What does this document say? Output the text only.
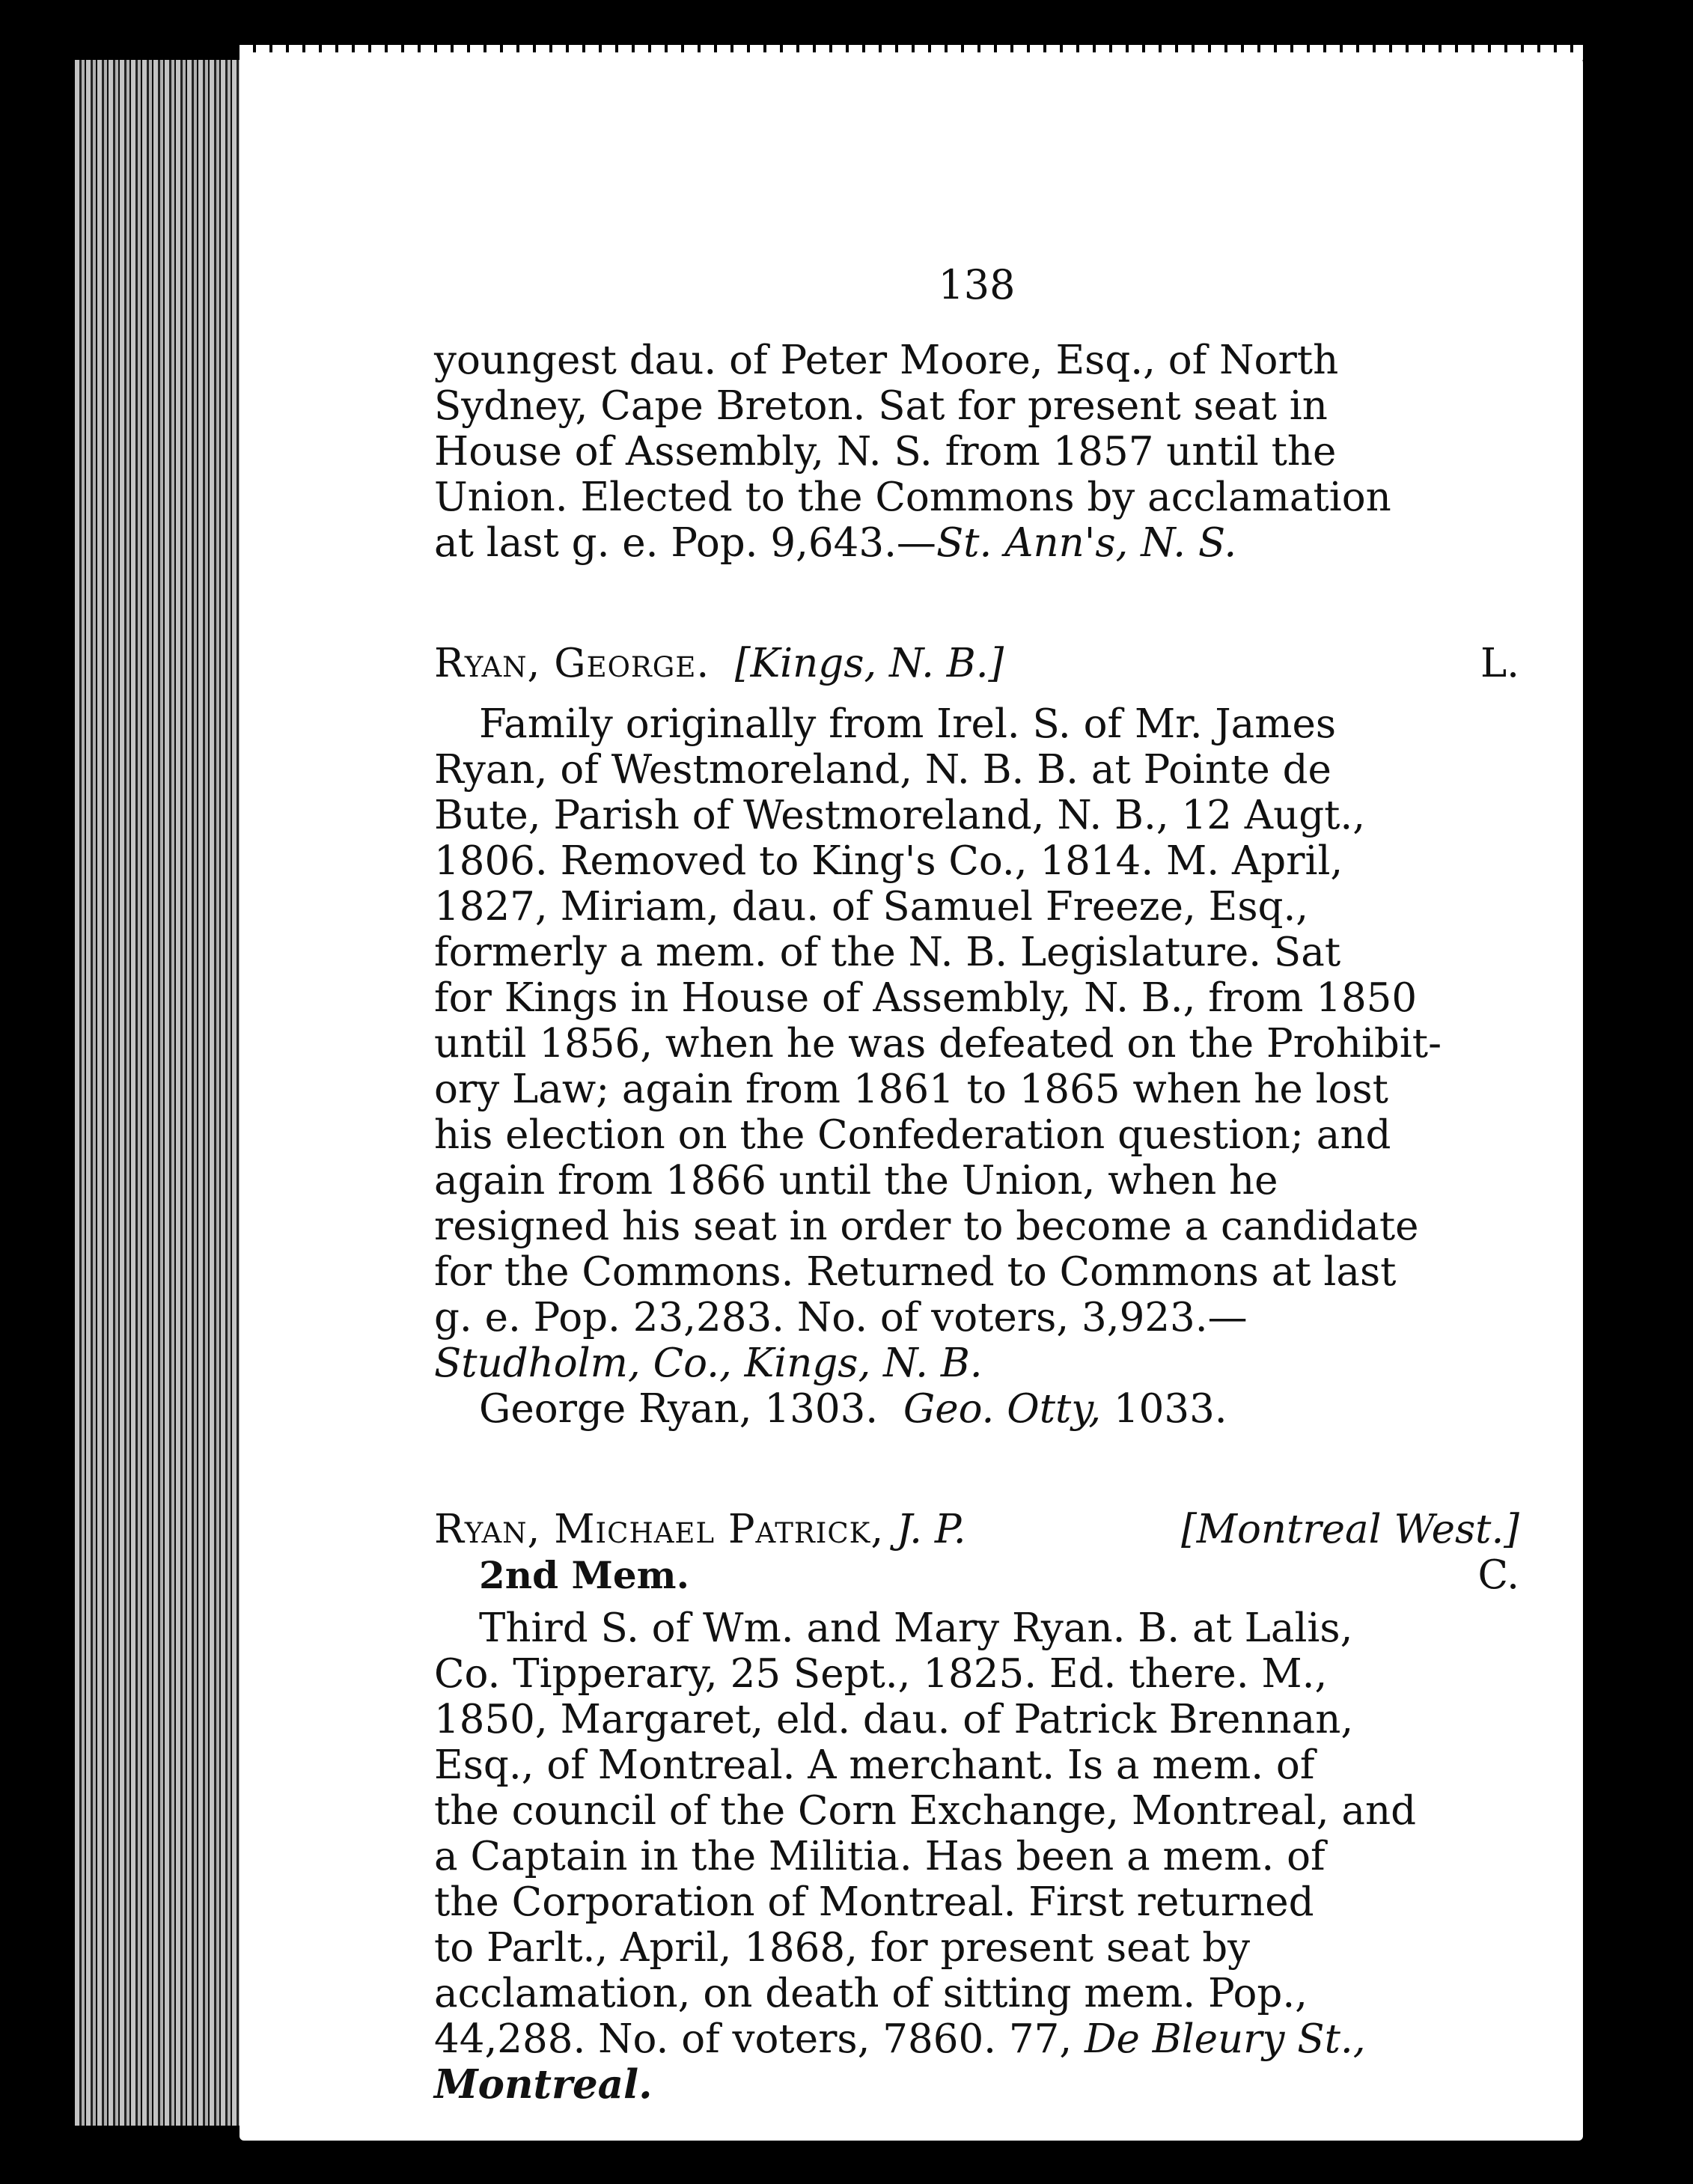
138
youngest dau. of Peter Moore, Esq., of North
Sydney, Cape Breton. Sat for present seat in
House of Assembly, N. S. from 1857 until the
Union. Elected to the Commons by acclamation
at last g. e. Pop. 9,643.—St. Ann's, N. S.
Ryan, George. [Kings, N. B.]	L.
Family originally from Irel. S. of Mr. James
Ryan, of Westmoreland, N. B. B. at Pointe de
Bute, Parish of Westmoreland, N. B., 12 Augt.,
1806. Removed to King's Co., 1814. M. April,
1827, Miriam, dau. of Samuel Freeze, Esq.,
formerly a mem. of the N. B. Legislature. Sat
for Kings in House of Assembly, N. B., from 1850
until 1856, when he was defeated on the Prohibit-
ory Law; again from 1861 to 1865 when he lost
his election on the Confederation question; and
again from 1866 until the Union, when he
resigned his seat in order to become a candidate
for the Commons. Returned to Commons at last
g. e. Pop. 23,283. No. of voters, 3,923.—
Studholm, Co., Kings, N. B.
George Ryan, 1303. Geo. Otty, 1033.
Ryan, Michael Patrick, J. P.	[Montreal West.]
2nd Mem.	C.
Third S. of Wm. and Mary Ryan. B. at Lalis,
Co. Tipperary, 25 Sept., 1825. Ed. there. M.,
1850, Margaret, eld. dau. of Patrick Brennan,
Esq., of Montreal. A merchant. Is a mem. of
the council of the Corn Exchange, Montreal, and
a Captain in the Militia. Has been a mem. of
the Corporation of Montreal. First returned
to Parlt., April, 1868, for present seat by
acclamation, on death of sitting mem. Pop.,
44,288. No. of voters, 7860. 77, De Bleury St.,
Montreal.
